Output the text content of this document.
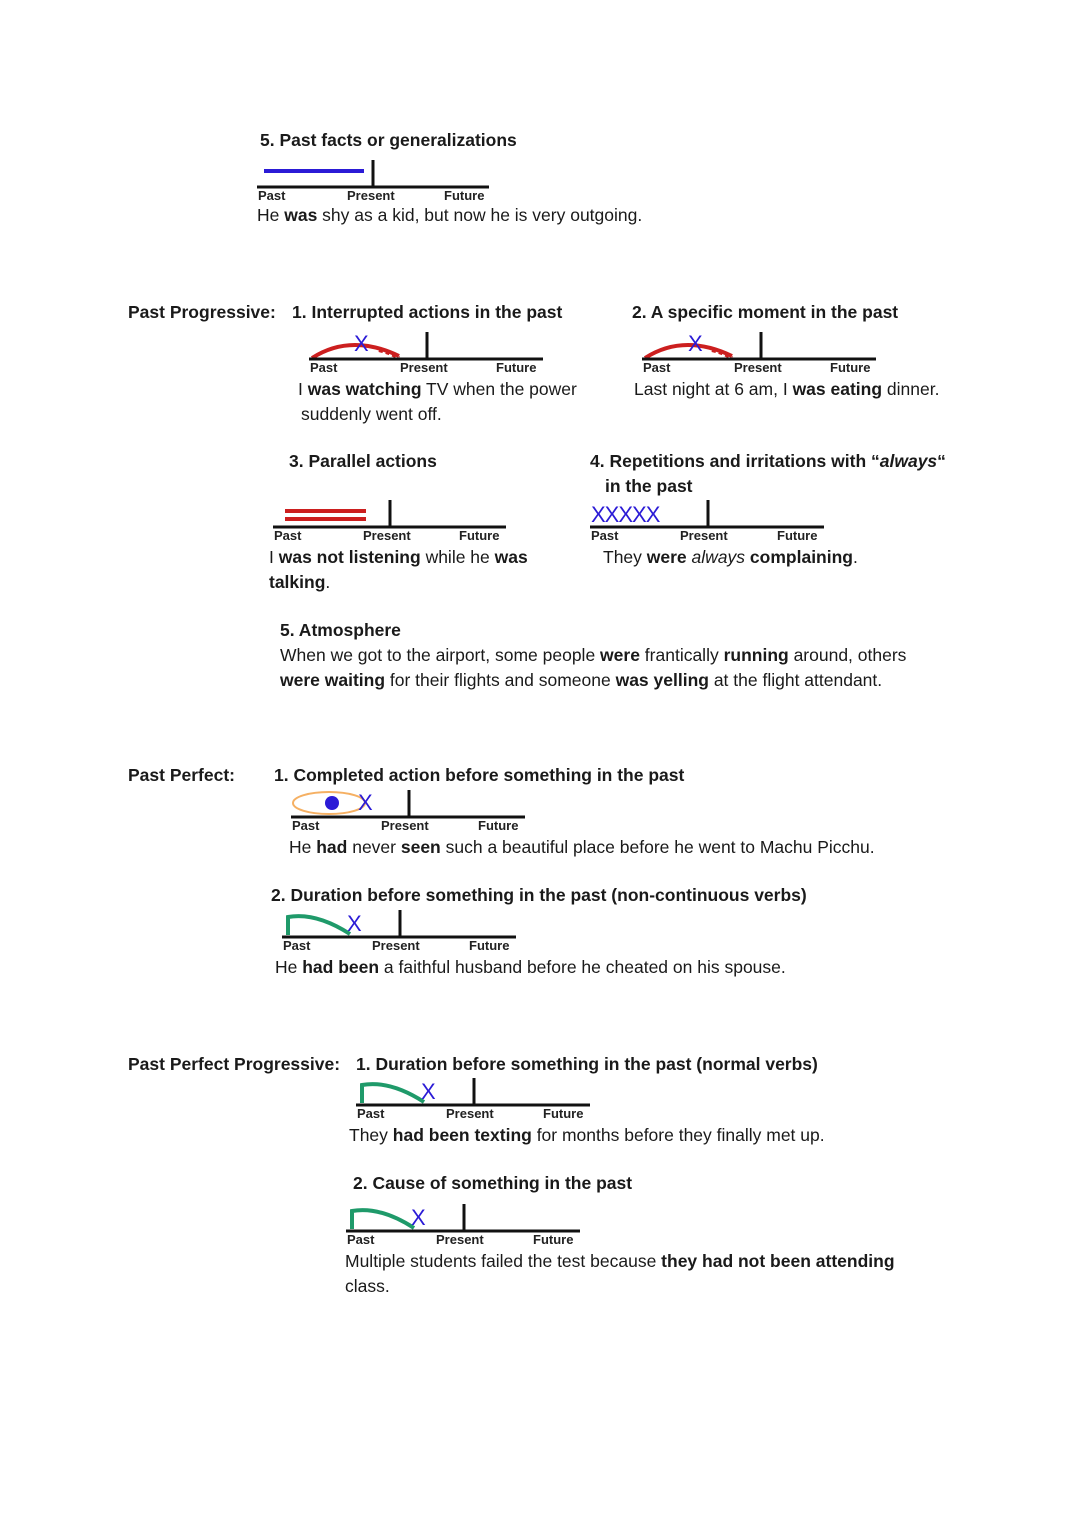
5. Past facts or generalizations
Past	Present	Future
He was shy as a kid, but now he is very outgoing.
Past Progressive: 1. Interrupted actions in the past
X
Past	Present	Future
I was watching TV when the power
suddenly went off.
2. A specific moment in the past
X
Past	Present	Future
Last night at 6 am, I was eating dinner.
3. Parallel actions
Past	Present	Future
I was not listening while he was
talking.
4. Repetitions and irritations with “always“
in the past
XXXXX
Past	Present	Future
They were always complaining.
5. Atmosphere
When we got to the airport, some people were frantically running around, others
were waiting for their flights and someone was yelling at the flight attendant.
Past Perfect: 1. Completed action before something in the past
X
Past	Present	Future
He had never seen such a beautiful place before he went to Machu Picchu.
2. Duration before something in the past (non-continuous verbs)
X
Past	Present	Future
He had been a faithful husband before he cheated on his spouse.
Past Perfect Progressive: 1. Duration before something in the past (normal verbs)
X
Past	Present	Future
They had been texting for months before they finally met up.
2. Cause of something in the past
X
Past	Present	Future
Multiple students failed the test because they had not been attending
class.
